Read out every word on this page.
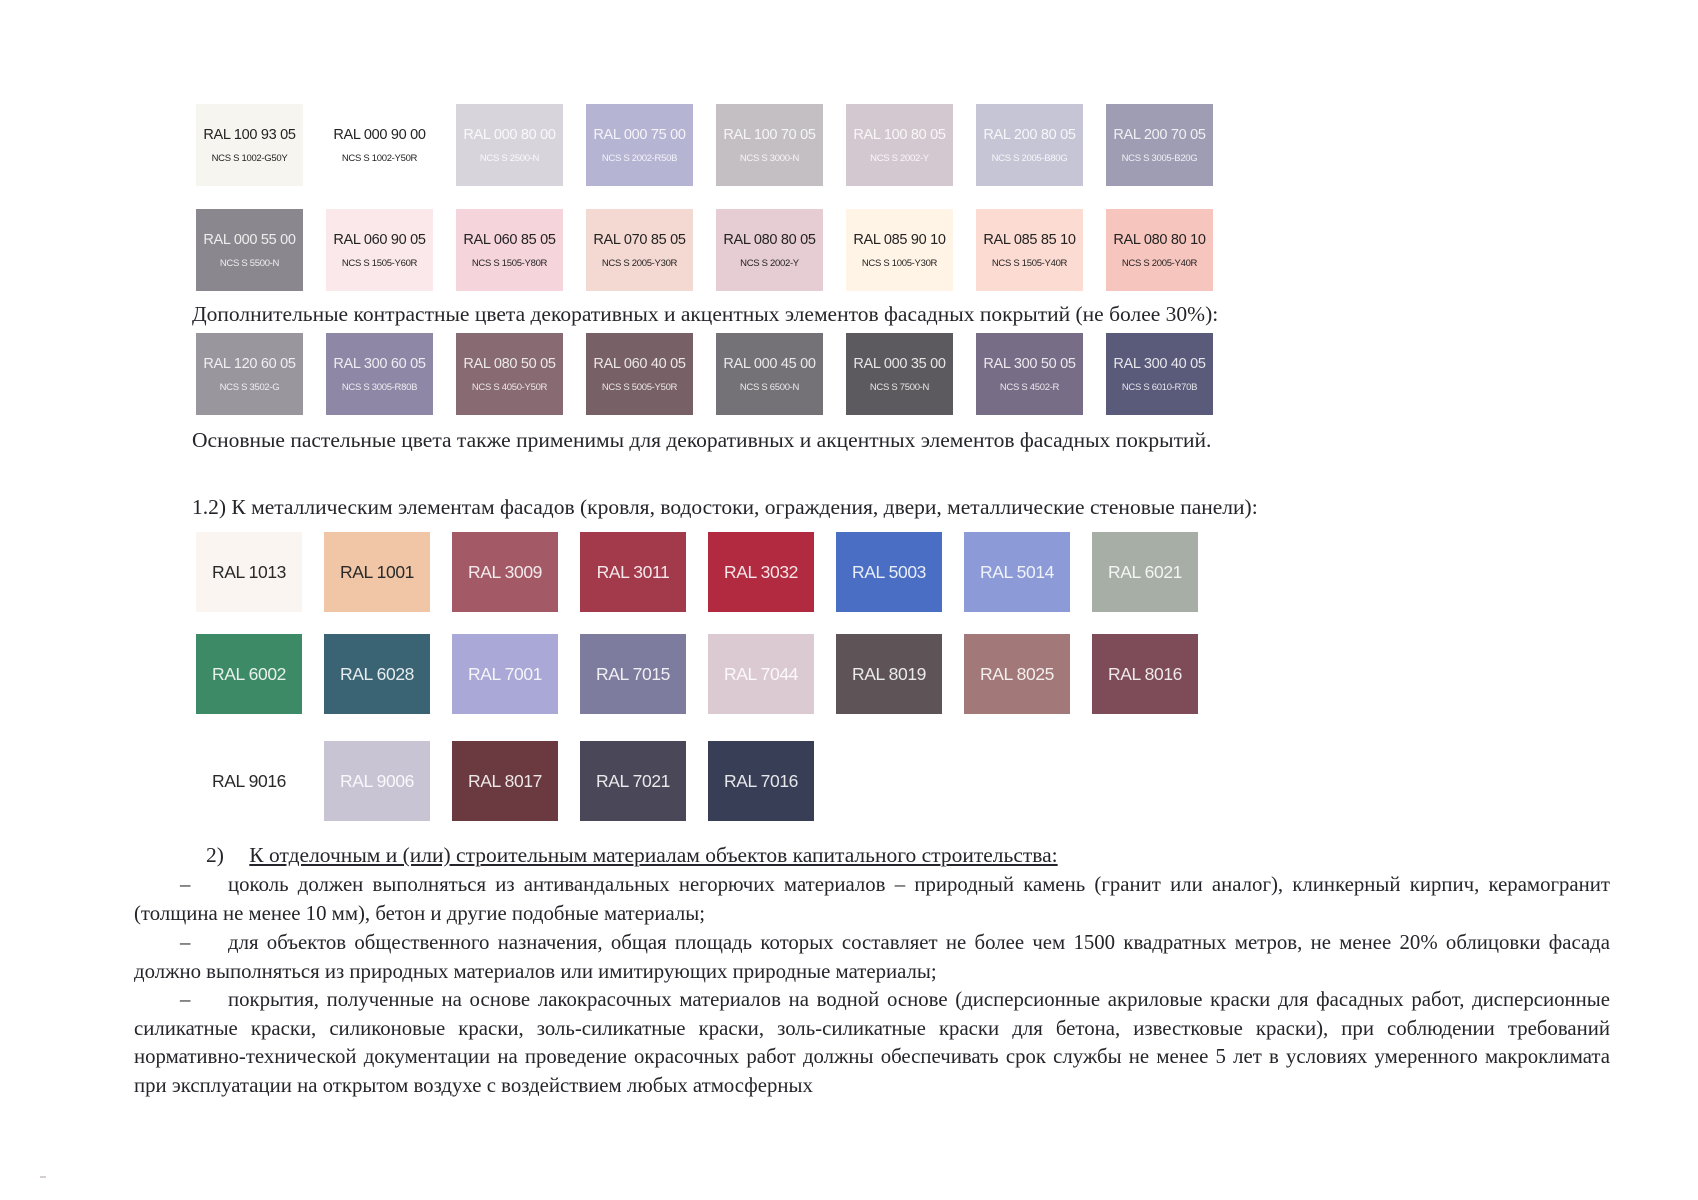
RAL 100 93 05
NCS S 1002-G50Y
RAL 000 90 00
NCS S 1002-Y50R
RAL 000 80 00
NCS S 2500-N
RAL 000 75 00
NCS S 2002-R50B
RAL 100 70 05
NCS S 3000-N
RAL 100 80 05
NCS S 2002-Y
RAL 200 80 05
NCS S 2005-B80G
RAL 200 70 05
NCS S 3005-B20G
RAL 000 55 00
NCS S 5500-N
RAL 060 90 05
NCS S 1505-Y60R
RAL 060 85 05
NCS S 1505-Y80R
RAL 070 85 05
NCS S 2005-Y30R
RAL 080 80 05
NCS S 2002-Y
RAL 085 90 10
NCS S 1005-Y30R
RAL 085 85 10
NCS S 1505-Y40R
RAL 080 80 10
NCS S 2005-Y40R
Дополнительные контрастные цвета декоративных и акцентных элементов фасадных покрытий (не более 30%):
RAL 120 60 05
NCS S 3502-G
RAL 300 60 05
NCS S 3005-R80B
RAL 080 50 05
NCS S 4050-Y50R
RAL 060 40 05
NCS S 5005-Y50R
RAL 000 45 00
NCS S 6500-N
RAL 000 35 00
NCS S 7500-N
RAL 300 50 05
NCS S 4502-R
RAL 300 40 05
NCS S 6010-R70B
Основные пастельные цвета также применимы для декоративных и акцентных элементов фасадных покрытий.
1.2) К металлическим элементам фасадов (кровля, водостоки, ограждения, двери, металлические стеновые панели):
RAL 1013	RAL 1001	RAL 3009	RAL 3011	RAL 3032	RAL 5003	RAL 5014	RAL 6021
RAL 6002	RAL 6028	RAL 7001	RAL 7015	RAL 7044	RAL 8019	RAL 8025	RAL 8016
RAL 9016	RAL 9006	RAL 8017	RAL 7021	RAL 7016
2) К отделочным и (или) строительным материалам объектов капитального строительства:

– цоколь должен выполняться из антивандальных негорючих материалов – природный камень (гранит или аналог), клинкерный кирпич, керамогранит (толщина не менее 10 мм), бетон и другие подобные материалы;

– для объектов общественного назначения, общая площадь которых составляет не более чем 1500 квадратных метров, не менее 20% облицовки фасада должно выполняться из природных материалов или имитирующих природные материалы;

– покрытия, полученные на основе лакокрасочных материалов на водной основе (дисперсионные акриловые краски для фасадных работ, дисперсионные силикатные краски, силиконовые краски, золь-силикатные краски, золь-силикатные краски для бетона, известковые краски), при соблюдении требований нормативно-технической документации на проведение окрасочных работ должны обеспечивать срок службы не менее 5 лет в условиях умеренного макроклимата при эксплуатации на открытом воздухе с воздействием любых атмосферных
